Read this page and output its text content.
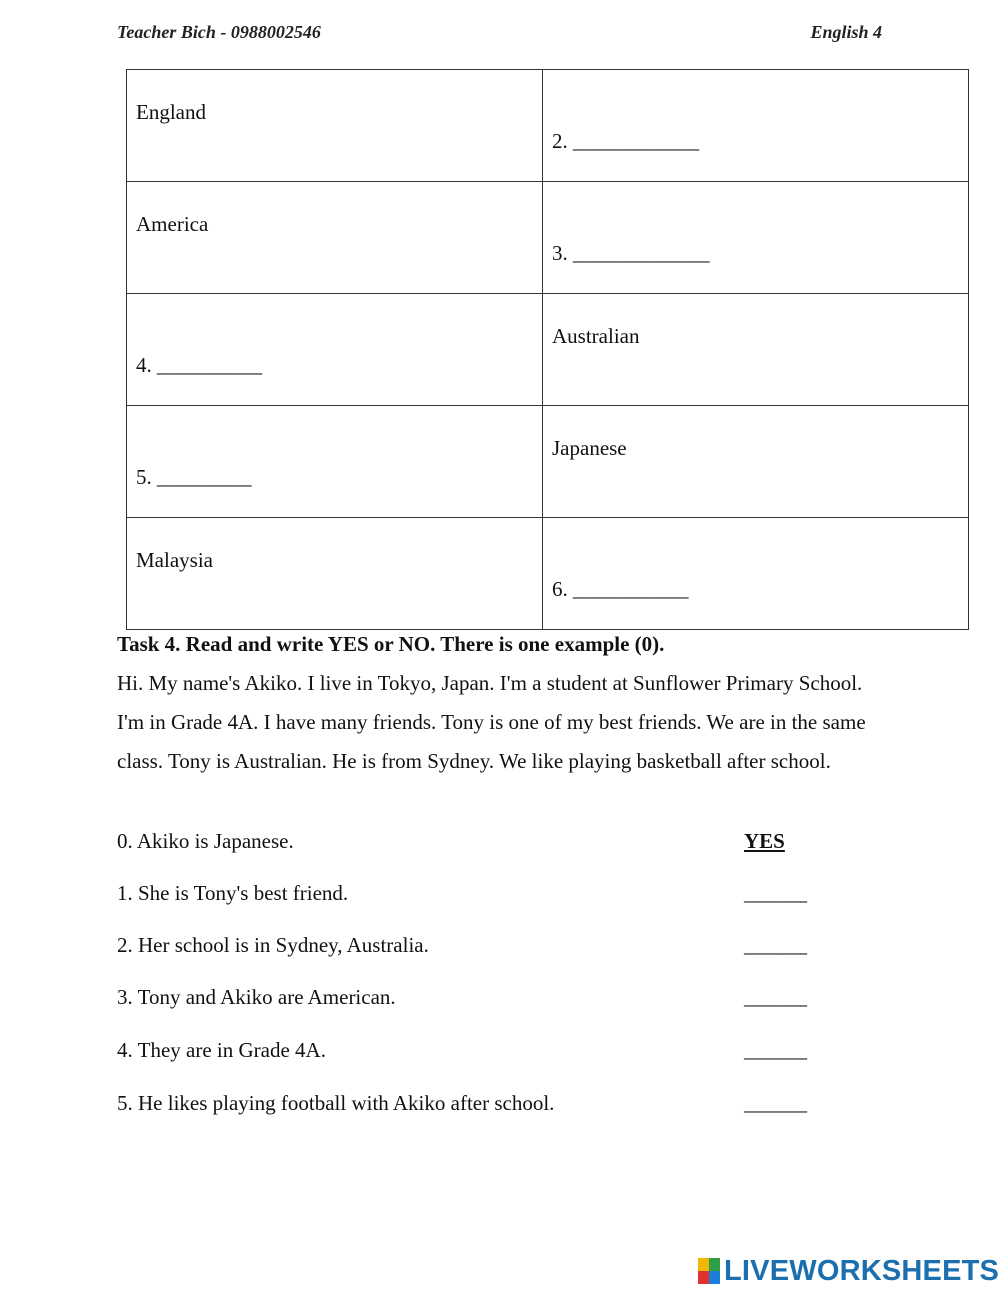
Teacher Bich - 0988002546	English 4
England	2. ____________

America	3. _____________

4. __________	Australian

5. _________	Japanese

Malaysia	6. ___________
Task 4. Read and write YES or NO. There is one example (0).
Hi. My name's Akiko. I live in Tokyo, Japan. I'm a student at Sunflower Primary School. I'm in Grade 4A. I have many friends. Tony is one of my best friends. We are in the same class. Tony is Australian. He is from Sydney. We like playing basketball after school.
0. Akiko is Japanese.	YES
1. She is Tony's best friend.	______
2. Her school is in Sydney, Australia.	______
3. Tony and Akiko are American.	______
4. They are in Grade 4A.	______
5. He likes playing football with Akiko after school.	______
LIVEWORKSHEETS
